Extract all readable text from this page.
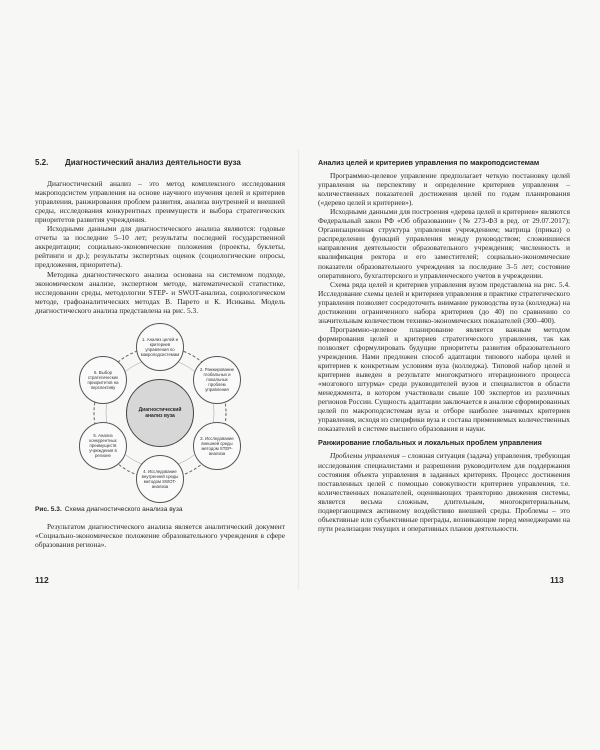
5.2.	Диагностический анализ деятельности вуза

Диагностический анализ – это метод комплексного исследования макроподсистем управления на основе научного изучения целей и критериев управления, ранжирования проблем развития, анализа внутренней и внешней среды, исследования конкурентных преимуществ и выбора стратегических приоритетов развития учреждения.

Исходными данными для диагностического анализа являются: годовые отчеты за последние 5–10 лет; результаты последней государственной аккредитации; социально-экономические положения (проекты, буклеты, рейтинги и др.); результаты экспертных оценок (социологические опросы, предложения, приоритеты).

Методика диагностического анализа основана на системном подходе, экономическом анализе, экспертном методе, математической статистике, исследовании среды, методологии STEP- и SWOT-анализа, социологическом методе, графоаналитических методах В. Парето и К. Исикавы. Модель диагностического анализа представлена на рис. 5.3.

Диагностический анализ вуза
1. Анализ целей и критериев управления по макроподсистемам
2. Ранжирование глобальных и локальных проблем управления
3. Исследование внешней среды методом STEP-анализа
4. Исследование внутренней среды методом SWOT-анализа
5. Анализ конкурентных преимуществ учреждения в регионе
6. Выбор стратегических приоритетов на перспективу

Рис. 5.3. Схема диагностического анализа вуза

Результатом диагностического анализа является аналитический документ «Социально-экономическое положение образовательного учреждения в сфере образования региона».

112
Анализ целей и критериев управления по макроподсистемам

Программно-целевое управление предполагает четкую постановку целей управления на перспективу и определение критериев управления – количественных показателей достижения целей по годам планирования («дерево целей и критериев»).

Исходными данными для построения «дерева целей и критериев» являются Федеральный закон РФ «Об образовании» (№ 273-ФЗ в ред. от 29.07.2017); Организационная структура управления учреждением; матрица (приказ) о распределении функций управления между руководством; сложившиеся направления деятельности образовательного учреждения; численность и квалификация ректора и его заместителей; социально-экономические показатели образовательного учреждения за последние 3–5 лет; состояние оперативного, бухгалтерского и управленческого учетов в учреждении.

Схема ряда целей и критериев управления вузом представлена на рис. 5.4. Исследование схемы целей и критериев управления в практике стратегического управления позволяет сосредоточить внимание руководства вуза (колледжа) на достижении ограниченного набора критериев (до 40) по сравнению со значительным количеством технико-экономических показателей (300–400).

Программно-целевое планирование является важным методом формирования целей и критериев стратегического управления, так как позволяет сформулировать будущие приоритеты развития образовательного учреждения. Нами предложен способ адаптации типового набора целей и критериев к конкретным условиям вуза (колледжа). Типовой набор целей и критериев выведен в результате многократного итерационного процесса «мозгового штурма» среди руководителей вузов и специалистов в области менеджмента, в котором участвовали свыше 100 экспертов из различных регионов России. Сущность адаптации заключается в анализе сформированных целей по макроподсистемам вуза и отборе наиболее значимых критериев управления, исходя из специфики вуза и состава применяемых количественных показателей в системе высшего образования и науки.

Ранжирование глобальных и локальных проблем управления

Проблемы управления – сложная ситуация (задача) управления, требующая исследования специалистами и разрешения руководителем для поддержания состояния объекта управления в заданных критериях. Процесс достижения поставленных целей с помощью совокупности критериев управления, т.е. количественных показателей, оценивающих траекторию движения системы, является весьма сложным, длительным, многокритериальным, подвергающимся активному воздействию внешней среды. Проблемы – это объективные или субъективные преграды, возникающие перед менеджерами на пути реализации текущих и оперативных планов деятельности.

113
